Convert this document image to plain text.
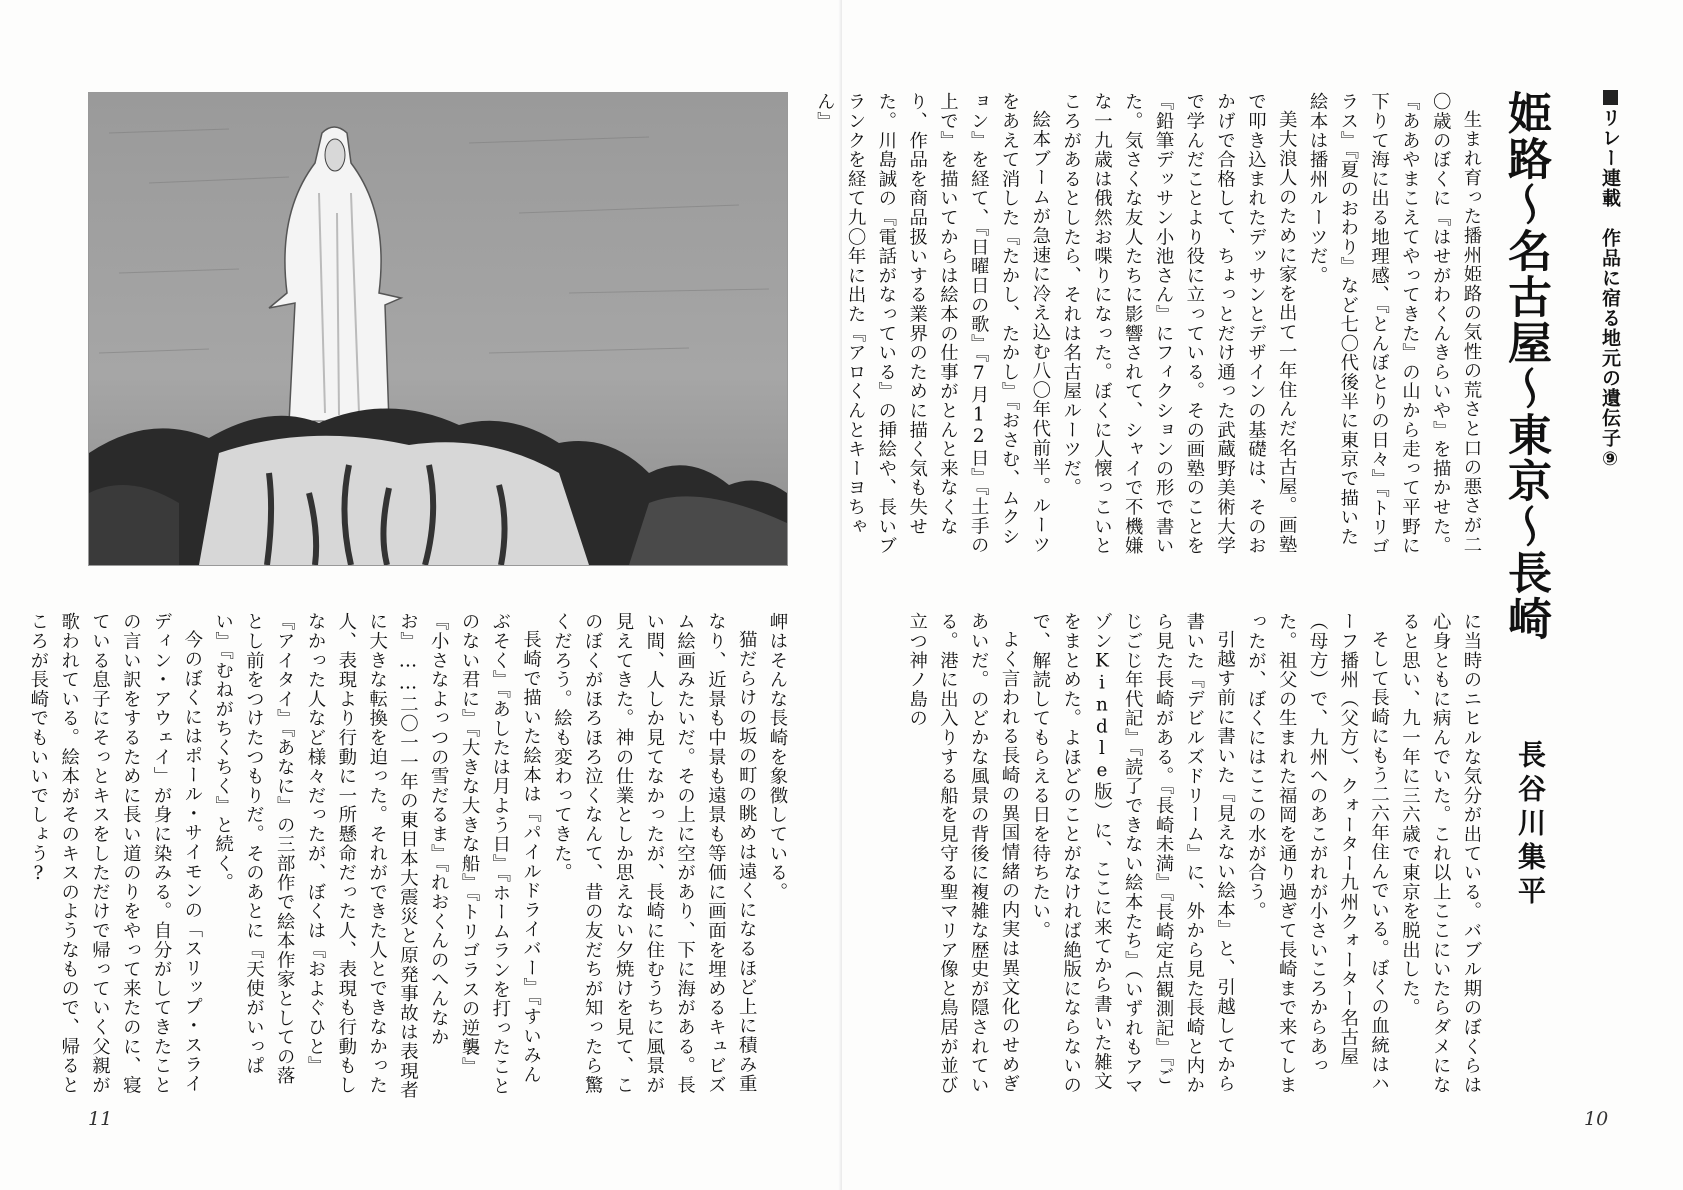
岬はそんな長崎を象徴している。

猫だらけの坂の町の眺めは遠くになるほど上に積み重なり、近景も中景も遠景も等価に画面を埋めるキュビズム絵画みたいだ。その上に空があり、下に海がある。長い間、人しか見てなかったが、長崎に住むうちに風景が見えてきた。神の仕業としか思えない夕焼けを見て、このぼくがほろほろ泣くなんて、昔の友だちが知ったら驚くだろう。絵も変わってきた。

長崎で描いた絵本は『パイルドライバー』『すいみんぶそく』『あしたは月よう日』『ホームランを打ったことのない君に』『大きな大きな船』『トリゴラスの逆襲』『小さなよっつの雪だるま』『れおくんのへんなかお』……二〇一一年の東日本大震災と原発事故は表現者に大きな転換を迫った。それができた人とできなかった人、表現より行動に一所懸命だった人、表現も行動もしなかった人など様々だったが、ぼくは『およぐひと』『アイタイ』『あなに』の三部作で絵本作家としての落とし前をつけたつもりだ。そのあとに『天使がいっぱい』『むねがちくちく』と続く。

今のぼくにはポール・サイモンの「スリップ・スライディン・アウェイ」が身に染みる。自分がしてきたことの言い訳をするために長い道のりをやって来たのに、寝ている息子にそっとキスをしただけで帰っていく父親が歌われている。絵本がそのキスのようなもので、帰るところが長崎でもいいでしょう?

11
リレー連載　作品に宿る地元の遺伝子⑨
姫路～名古屋～東京～長崎
長谷川集平

生まれ育った播州姫路の気性の荒さと口の悪さが二〇歳のぼくに『はせがわくんきらいや』を描かせた。『ああやまこえてやってきた』の山から走って平野に下りて海に出る地理感、『とんぼとりの日々』『トリゴラス』『夏のおわり』など七〇代後半に東京で描いた絵本は播州ルーツだ。

美大浪人のために家を出て一年住んだ名古屋。画塾で叩き込まれたデッサンとデザインの基礎は、そのおかげで合格して、ちょっとだけ通った武蔵野美術大学で学んだことより役に立っている。その画塾のことを『鉛筆デッサン小池さん』にフィクションの形で書いた。気さくな友人たちに影響されて、シャイで不機嫌な一九歳は俄然お喋りになった。ぼくに人懐っこいところがあるとしたら、それは名古屋ルーツだ。

絵本ブームが急速に冷え込む八〇年代前半。ルーツをあえて消した『たかし、たかし』『おさむ、ムクション』を経て、『日曜日の歌』『7月12日』『土手の上で』を描いてからは絵本の仕事がとんと来なくなり、作品を商品扱いする業界のために描く気も失せた。川島誠の『電話がなっている』の挿絵や、長いブランクを経て九〇年に出た『アロくんとキーヨちゃん』

に当時のニヒルな気分が出ている。バブル期のぼくらは心身ともに病んでいた。これ以上ここにいたらダメになると思い、九一年に三六歳で東京を脱出した。

そして長崎にもう二六年住んでいる。ぼくの血統はハーフ播州（父方）、クォーター九州クォーター名古屋（母方）で、九州へのあこがれが小さいころからあった。祖父の生まれた福岡を通り過ぎて長崎まで来てしまったが、ぼくにはここの水が合う。

引越す前に書いた『見えない絵本』と、引越してから書いた『デビルズドリーム』に、外から見た長崎と内から見た長崎がある。『長崎未満』『長崎定点観測記』『ごじごじ年代記』『読了できない絵本たち』（いずれもアマゾンKindle版）に、ここに来てから書いた雑文をまとめた。よほどのことがなければ絶版にならないので、解読してもらえる日を待ちたい。

よく言われる長崎の異国情緒の内実は異文化のせめぎあいだ。のどかな風景の背後に複雑な歴史が隠されている。港に出入りする船を見守る聖マリア像と鳥居が並び立つ神ノ島の

10
